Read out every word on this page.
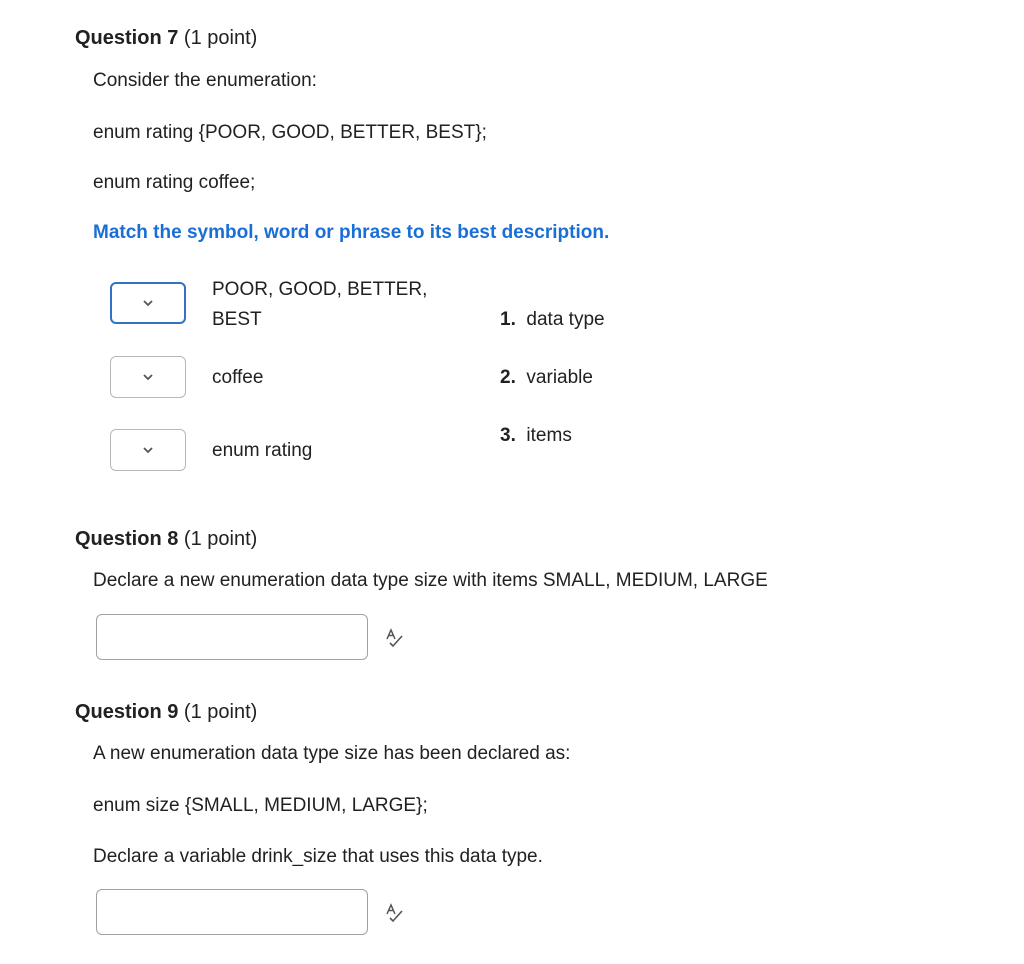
Question 7 (1 point)
Consider the enumeration:
enum rating {POOR, GOOD, BETTER, BEST};
enum rating coffee;
Match the symbol, word or phrase to its best description.
POOR, GOOD, BETTER,
BEST
coffee
enum rating
1. data type
2. variable
3. items
Question 8 (1 point)
Declare a new enumeration data type size with items SMALL, MEDIUM, LARGE
Question 9 (1 point)
A new enumeration data type size has been declared as:
enum size {SMALL, MEDIUM, LARGE};
Declare a variable drink_size that uses this data type.
